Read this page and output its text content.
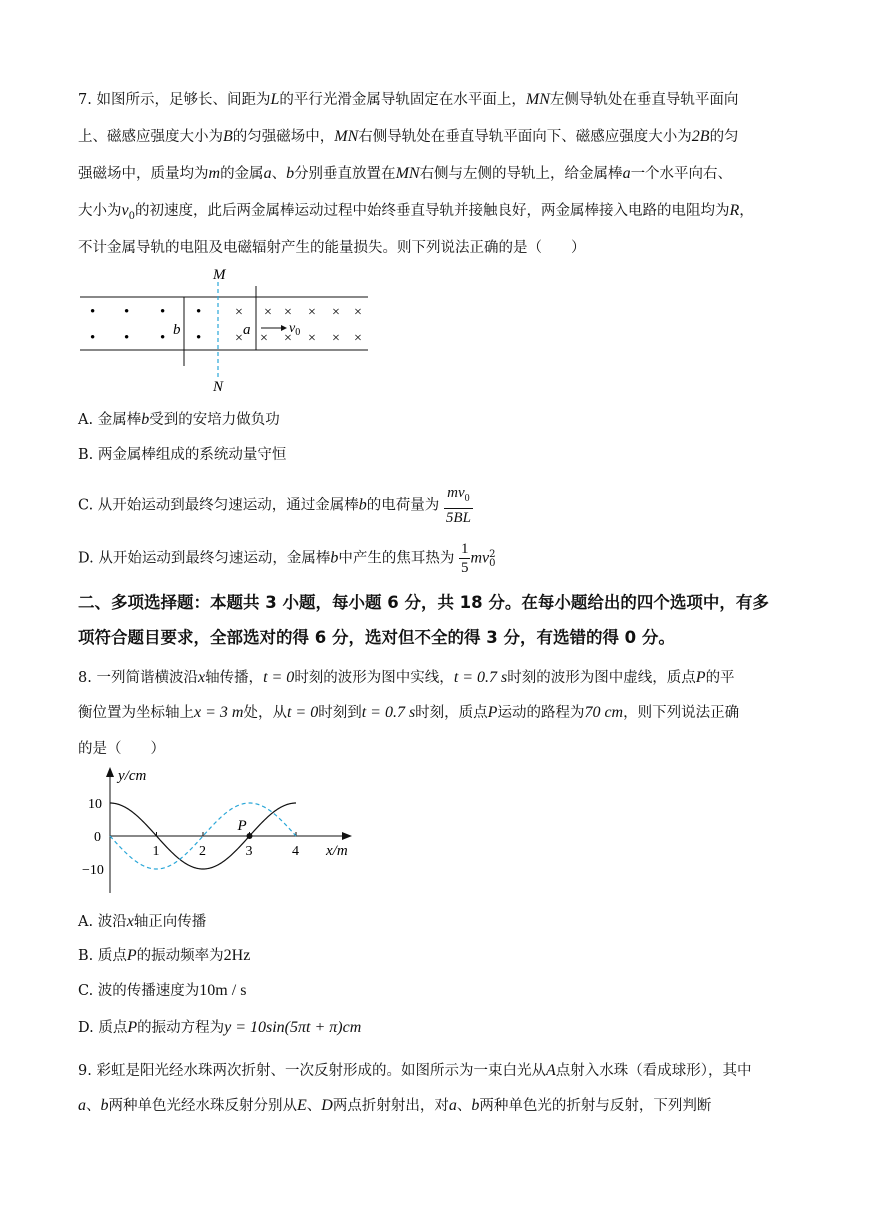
7. 如图所示，足够长、间距为L的平行光滑金属导轨固定在水平面上，MN左侧导轨处在垂直导轨平面向
上、磁感应强度大小为B的匀强磁场中，MN右侧导轨处在垂直导轨平面向下、磁感应强度大小为2B的匀
强磁场中，质量均为m的金属a、b分别垂直放置在MN右侧与左侧的导轨上，给金属棒a一个水平向右、
大小为$v_0$的初速度，此后两金属棒运动过程中始终垂直导轨并接触良好，两金属棒接入电路的电阻均为R，
不计金属导轨的电阻及电磁辐射产生的能量损失。则下列说法正确的是（　　）
M
N
b	a	$v_0$
•
•
•
•
•
•
•
•
×	× × × ×
× × × × × ×
×
A. 金属棒b受到的安培力做负功
B. 两金属棒组成的系统动量守恒
C. 从开始运动到最终匀速运动，通过金属棒b的电荷量为 $\frac{mv_0}{5BL}$
D. 从开始运动到最终匀速运动，金属棒b中产生的焦耳热为 $\frac{1}{5}$ mv 2
0
二、多项选择题：本题共 3 小题，每小题 6 分，共 18 分。在每小题给出的四个选项中，有多
项符合题目要求，全部选对的得 6 分，选对但不全的得 3 分，有选错的得 0 分。
8. 一列简谐横波沿x轴传播，t = 0时刻的波形为图中实线，t = 0.7 s时刻的波形为图中虚线，质点P的平
衡位置为坐标轴上x = 3 m处，从t = 0时刻到t = 0.7 s时刻，质点P运动的路程为70 cm，则下列说法正确
的是（　　）
y/cm
x/m
1	2	3	4
10
0
−10
P
A. 波沿x轴正向传播
B. 质点P的振动频率为2Hz
C. 波的传播速度为10m / s
D. 质点P的振动方程为y = 10sin(5πt + π)cm
9. 彩虹是阳光经水珠两次折射、一次反射形成的。如图所示为一束白光从A点射入水珠（看成球形），其中
a、b两种单色光经水珠反射分别从E、D两点折射射出，对a、b两种单色光的折射与反射，下列判断
